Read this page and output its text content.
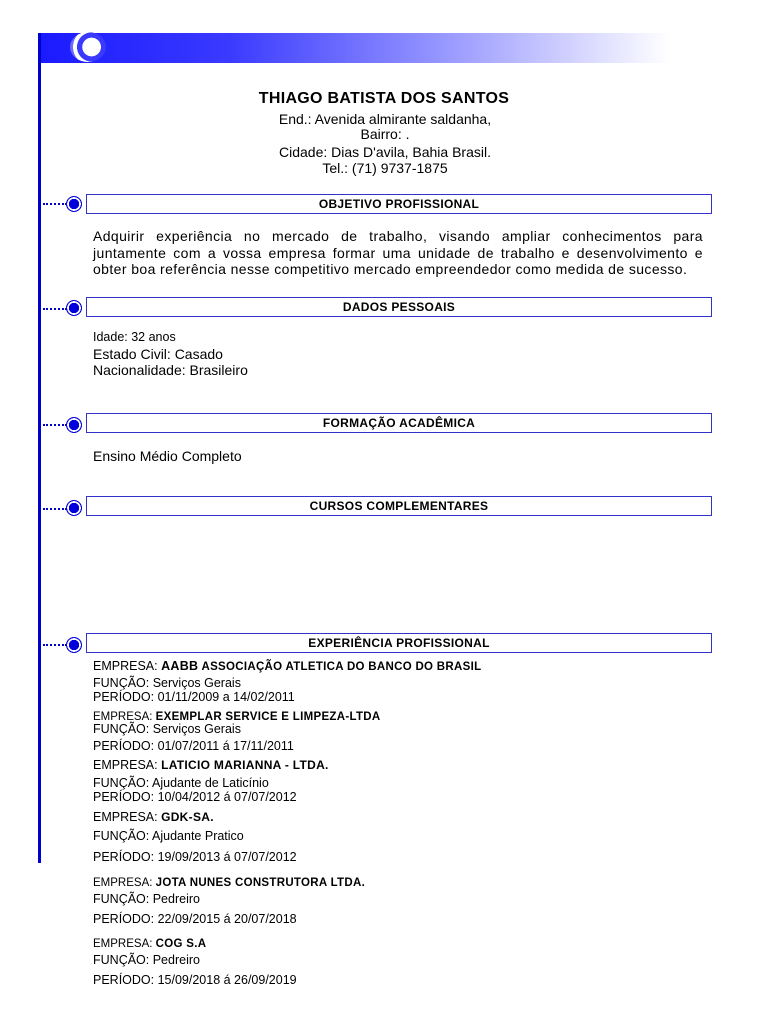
THIAGO BATISTA DOS SANTOS
End.: Avenida almirante saldanha,
Bairro: .
Cidade: Dias D'avila, Bahia Brasil.
Tel.: (71) 9737-1875
OBJETIVO PROFISSIONAL
Adquirir experiência no mercado de trabalho, visando ampliar conhecimentos para juntamente com a vossa empresa formar uma unidade de trabalho e desenvolvimento e obter boa referência nesse competitivo mercado empreendedor como medida de sucesso.
DADOS PESSOAIS
Idade: 32 anos
Estado Civil: Casado
Nacionalidade: Brasileiro
FORMAÇÃO ACADÊMICA
Ensino Médio Completo
CURSOS COMPLEMENTARES
EXPERIÊNCIA PROFISSIONAL
EMPRESA: AABB ASSOCIAÇÃO ATLETICA DO BANCO DO BRASIL
FUNÇÃO: Serviços Gerais
PERÍODO: 01/11/2009 a 14/02/2011
EMPRESA: EXEMPLAR SERVICE E LIMPEZA-LTDA
FUNÇÃO: Serviços Gerais
PERÍODO: 01/07/2011 á 17/11/2011
EMPRESA: LATICIO MARIANNA - LTDA.
FUNÇÃO: Ajudante de Laticínio
PERÍODO: 10/04/2012 á 07/07/2012
EMPRESA: GDK-SA.
FUNÇÃO: Ajudante Pratico
PERÍODO: 19/09/2013 á 07/07/2012
EMPRESA: JOTA NUNES CONSTRUTORA LTDA.
FUNÇÃO: Pedreiro
PERÍODO: 22/09/2015 á 20/07/2018
EMPRESA: COG S.A
FUNÇÃO: Pedreiro
PERÍODO: 15/09/2018 á 26/09/2019
